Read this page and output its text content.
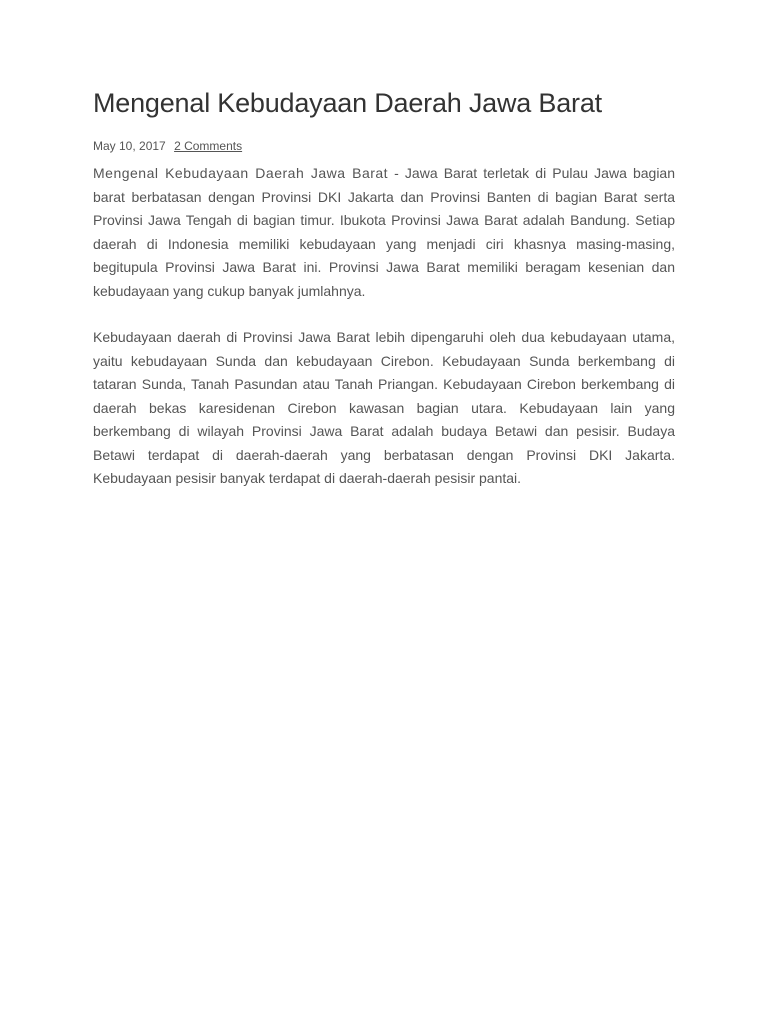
Mengenal Kebudayaan Daerah Jawa Barat
May 10, 2017 2 Comments

Mengenal Kebudayaan Daerah Jawa Barat - Jawa Barat terletak di Pulau Jawa bagian barat berbatasan dengan Provinsi DKI Jakarta dan Provinsi Banten di bagian Barat serta Provinsi Jawa Tengah di bagian timur. Ibukota Provinsi Jawa Barat adalah Bandung. Setiap daerah di Indonesia memiliki kebudayaan yang menjadi ciri khasnya masing-masing, begitupula Provinsi Jawa Barat ini. Provinsi Jawa Barat memiliki beragam kesenian dan kebudayaan yang cukup banyak jumlahnya.

Kebudayaan daerah di Provinsi Jawa Barat lebih dipengaruhi oleh dua kebudayaan utama, yaitu kebudayaan Sunda dan kebudayaan Cirebon. Kebudayaan Sunda berkembang di tataran Sunda, Tanah Pasundan atau Tanah Priangan. Kebudayaan Cirebon berkembang di daerah bekas karesidenan Cirebon kawasan bagian utara. Kebudayaan lain yang berkembang di wilayah Provinsi Jawa Barat adalah budaya Betawi dan pesisir. Budaya Betawi terdapat di daerah-daerah yang berbatasan dengan Provinsi DKI Jakarta. Kebudayaan pesisir banyak terdapat di daerah-daerah pesisir pantai.
